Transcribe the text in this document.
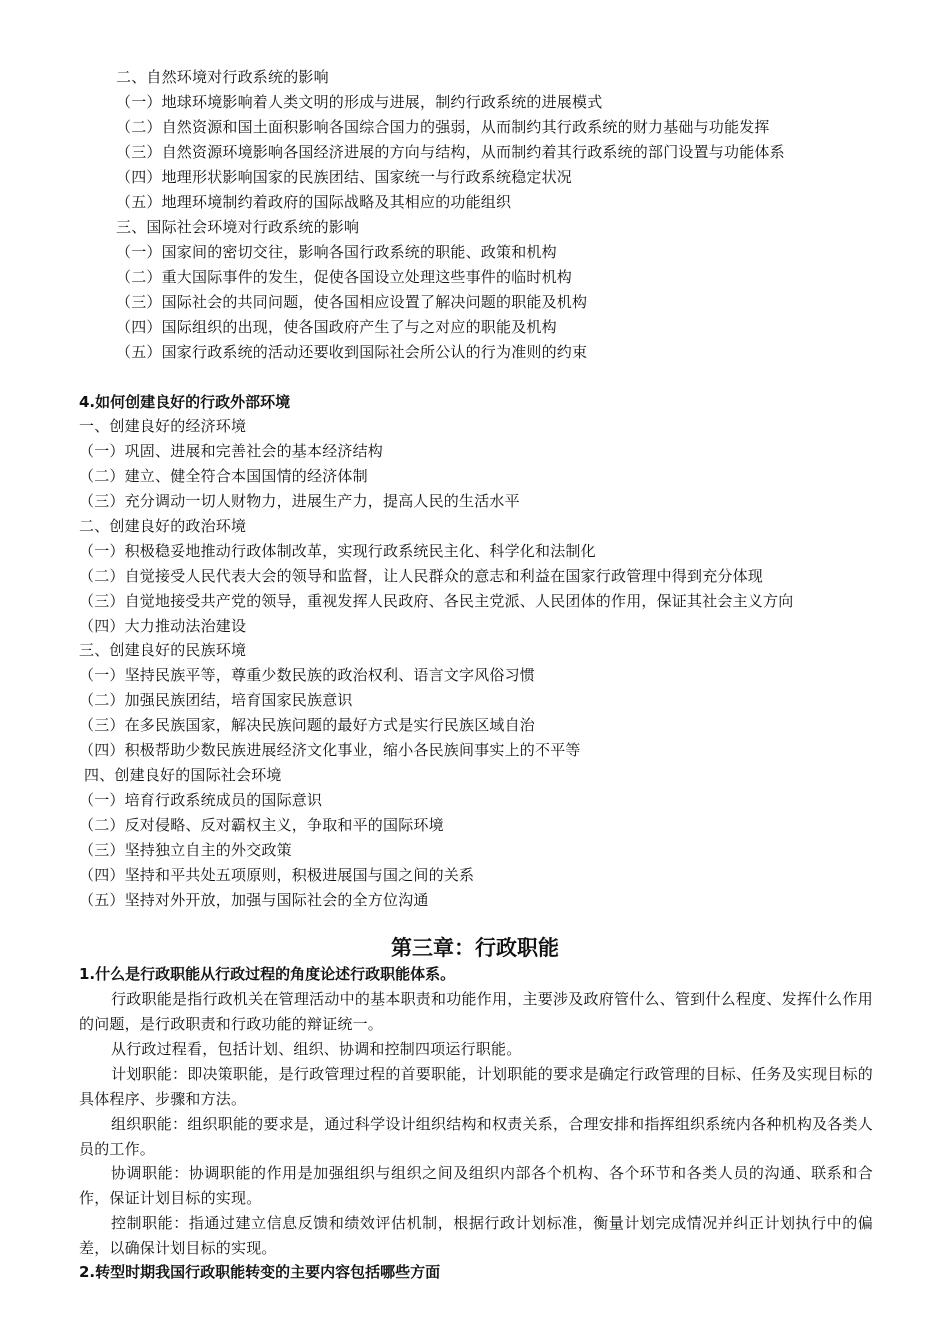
二、自然环境对行政系统的影响
（一）地球环境影响着人类文明的形成与进展，制约行政系统的进展模式
（二）自然资源和国土面积影响各国综合国力的强弱，从而制约其行政系统的财力基础与功能发挥
（三）自然资源环境影响各国经济进展的方向与结构，从而制约着其行政系统的部门设置与功能体系
（四）地理形状影响国家的民族团结、国家统一与行政系统稳定状况
（五）地理环境制约着政府的国际战略及其相应的功能组织
三、国际社会环境对行政系统的影响
（一）国家间的密切交往，影响各国行政系统的职能、政策和机构
（二）重大国际事件的发生，促使各国设立处理这些事件的临时机构
（三）国际社会的共同问题，使各国相应设置了解决问题的职能及机构
（四）国际组织的出现，使各国政府产生了与之对应的职能及机构
（五）国家行政系统的活动还要收到国际社会所公认的行为准则的约束
4.如何创建良好的行政外部环境
一、创建良好的经济环境
（一）巩固、进展和完善社会的基本经济结构
（二）建立、健全符合本国国情的经济体制
（三）充分调动一切人财物力，进展生产力，提高人民的生活水平
二、创建良好的政治环境
（一）积极稳妥地推动行政体制改革，实现行政系统民主化、科学化和法制化
（二）自觉接受人民代表大会的领导和监督，让人民群众的意志和利益在国家行政管理中得到充分体现
（三）自觉地接受共产党的领导，重视发挥人民政府、各民主党派、人民团体的作用，保证其社会主义方向
（四）大力推动法治建设
三、创建良好的民族环境
（一）坚持民族平等，尊重少数民族的政治权利、语言文字风俗习惯
（二）加强民族团结，培育国家民族意识
（三）在多民族国家，解决民族问题的最好方式是实行民族区域自治
（四）积极帮助少数民族进展经济文化事业，缩小各民族间事实上的不平等
四、创建良好的国际社会环境
（一）培育行政系统成员的国际意识
（二）反对侵略、反对霸权主义，争取和平的国际环境
（三）坚持独立自主的外交政策
（四）坚持和平共处五项原则，积极进展国与国之间的关系
（五）坚持对外开放，加强与国际社会的全方位沟通
第三章：行政职能
1.什么是行政职能从行政过程的角度论述行政职能体系。
行政职能是指行政机关在管理活动中的基本职责和功能作用，主要涉及政府管什么、管到什么程度、发挥什么作用的问题，是行政职责和行政功能的辩证统一。
从行政过程看，包括计划、组织、协调和控制四项运行职能。
计划职能：即决策职能，是行政管理过程的首要职能，计划职能的要求是确定行政管理的目标、任务及实现目标的具体程序、步骤和方法。
组织职能：组织职能的要求是，通过科学设计组织结构和权责关系，合理安排和指挥组织系统内各种机构及各类人员的工作。
协调职能：协调职能的作用是加强组织与组织之间及组织内部各个机构、各个环节和各类人员的沟通、联系和合作，保证计划目标的实现。
控制职能：指通过建立信息反馈和绩效评估机制，根据行政计划标准，衡量计划完成情况并纠正计划执行中的偏差，以确保计划目标的实现。
2.转型时期我国行政职能转变的主要内容包括哪些方面
